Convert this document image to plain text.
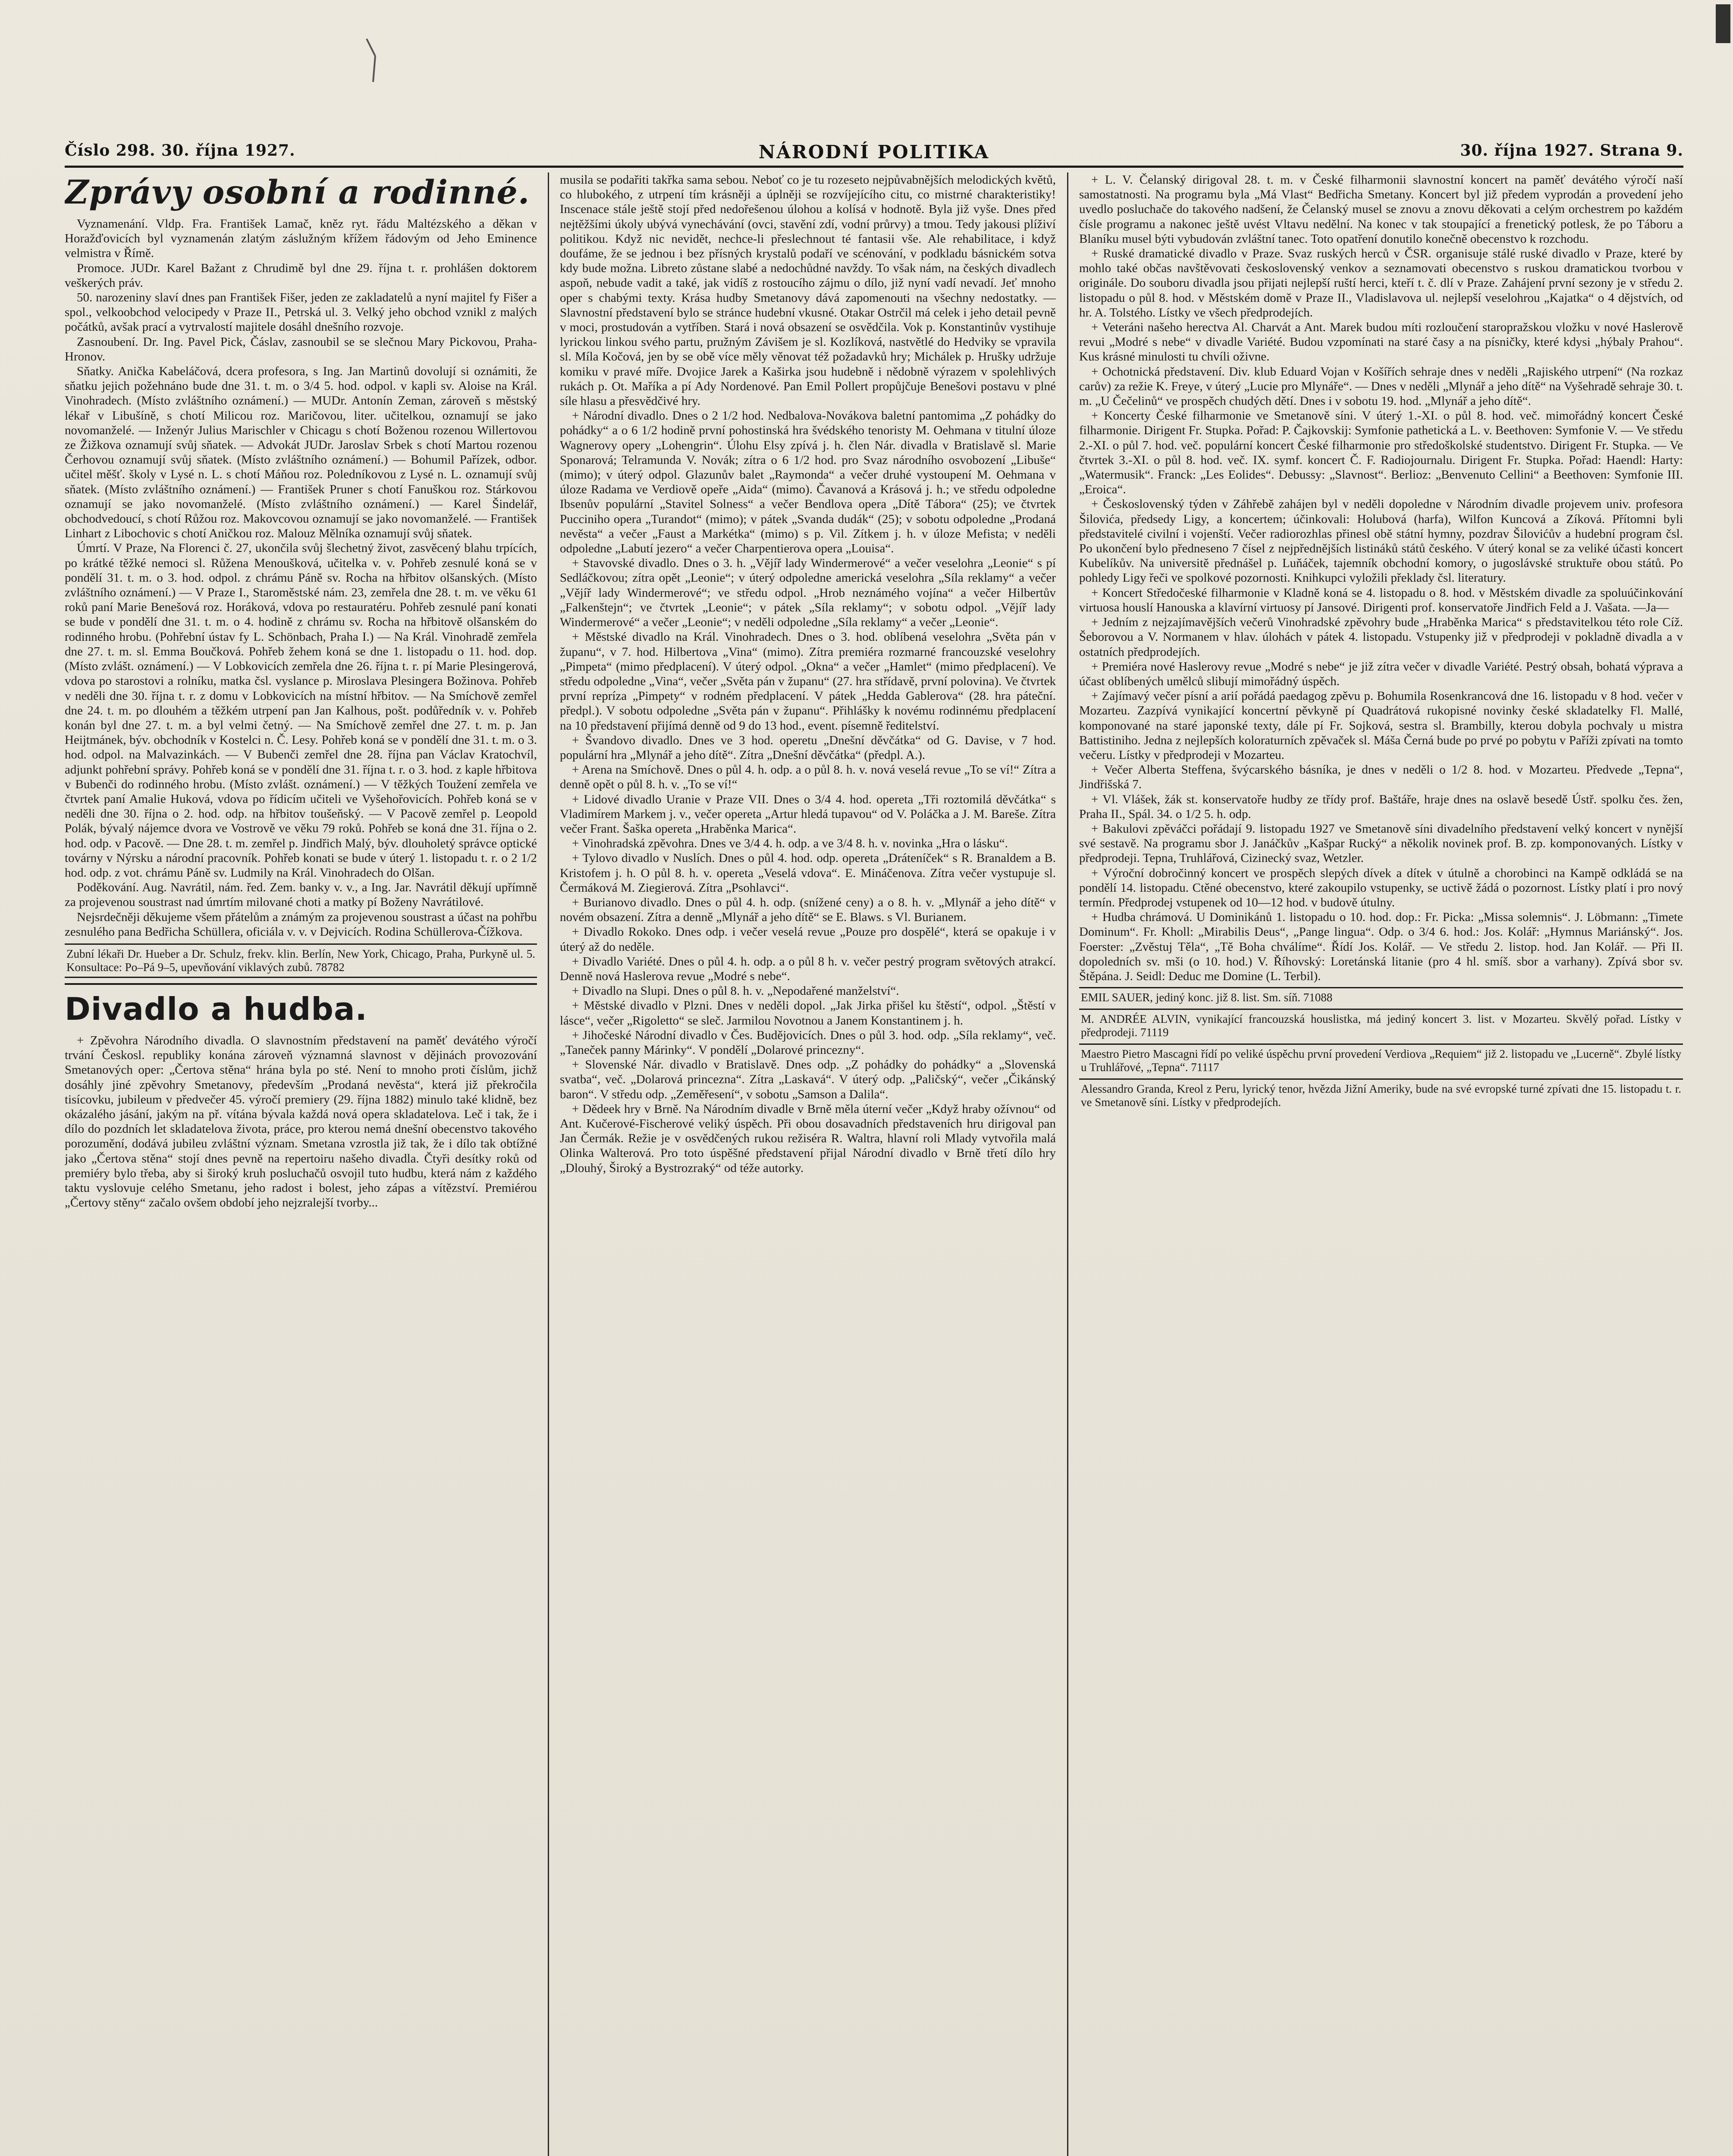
Číslo 298. 30. října 1927.	NÁRODNÍ POLITIKA	30. října 1927. Strana 9.
Zprávy osobní a rodinné.

Vyznamenání. Vldp. Fra. František Lamač, kněz ryt. řádu Maltézského a děkan v Horažďovicích byl vyznamenán zlatým záslužným křížem řádovým od Jeho Eminence velmistra v Římě.

Promoce. JUDr. Karel Bažant z Chrudimě byl dne 29. října t. r. prohlášen doktorem veškerých práv.

50. narozeniny slaví dnes pan František Fišer, jeden ze zakladatelů a nyní majitel fy Fišer a spol., velkoobchod velocipedy v Praze II., Petrská ul. 3. Velký jeho obchod vznikl z malých počátků, avšak prací a vytrvalostí majitele dosáhl dnešního rozvoje.

Zasnoubení. Dr. Ing. Pavel Pick, Čáslav, zasnoubil se se slečnou Mary Pickovou, Praha-Hronov.

Sňatky. Anička Kabeláčová, dcera profesora, s Ing. Jan Martinů dovolují si oznámiti, že sňatku jejich požehnáno bude dne 31. t. m. o 3/4 5. hod. odpol. v kapli sv. Aloise na Král. Vinohradech. (Místo zvláštního oznámení.) — MUDr. Antonín Zeman, zároveň s městský lékař v Libušíně, s chotí Milicou roz. Maričovou, liter. učitelkou, oznamují se jako novomanželé. — Inženýr Julius Marischler v Chicagu s chotí Boženou rozenou Willertovou ze Žižkova oznamují svůj sňatek. — Advokát JUDr. Jaroslav Srbek s chotí Martou rozenou Čerhovou oznamují svůj sňatek. (Místo zvláštního oznámení.) — Bohumil Pařízek, odbor. učitel měšť. školy v Lysé n. L. s chotí Máňou roz. Poledníkovou z Lysé n. L. oznamují svůj sňatek. (Místo zvláštního oznámení.) — František Pruner s chotí Fanuškou roz. Stárkovou oznamují se jako novomanželé. (Místo zvláštního oznámení.) — Karel Šindelář, obchodvedoucí, s chotí Růžou roz. Makovcovou oznamují se jako novomanželé. — František Linhart z Libochovic s chotí Aničkou roz. Malouz Mělníka oznamují svůj sňatek.

Úmrtí. V Praze, Na Florenci č. 27, ukončila svůj šlechetný život, zasvěcený blahu trpících, po krátké těžké nemoci sl. Růžena Menoušková, učitelka v. v. Pohřeb zesnulé koná se v pondělí 31. t. m. o 3. hod. odpol. z chrámu Páně sv. Rocha na hřbitov olšanských. (Místo zvláštního oznámení.) — V Praze I., Staroměstské nám. 23, zemřela dne 28. t. m. ve věku 61 roků paní Marie Benešová roz. Horáková, vdova po restauratéru. Pohřeb zesnulé paní konati se bude v pondělí dne 31. t. m. o 4. hodině z chrámu sv. Rocha na hřbitově olšanském do rodinného hrobu. (Pohřební ústav fy L. Schönbach, Praha I.) — Na Král. Vinohradě zemřela dne 27. t. m. sl. Emma Boučková. Pohřeb žehem koná se dne 1. listopadu o 11. hod. dop. (Místo zvlášt. oznámení.) — V Lobkovicích zemřela dne 26. října t. r. pí Marie Plesingerová, vdova po starostovi a rolníku, matka čsl. vyslance p. Miroslava Plesingera Božinova. Pohřeb v neděli dne 30. října t. r. z domu v Lobkovicích na místní hřbitov. — Na Smíchově zemřel dne 24. t. m. po dlouhém a těžkém utrpení pan Jan Kalhous, pošt. podůředník v. v. Pohřeb konán byl dne 27. t. m. a byl velmi četný. — Na Smíchově zemřel dne 27. t. m. p. Jan Heijtmánek, býv. obchodník v Kostelci n. Č. Lesy. Pohřeb koná se v pondělí dne 31. t. m. o 3. hod. odpol. na Malvazinkách. — V Bubenči zemřel dne 28. října pan Václav Kratochvíl, adjunkt pohřební správy. Pohřeb koná se v pondělí dne 31. října t. r. o 3. hod. z kaple hřbitova v Bubenči do rodinného hrobu. (Místo zvlášt. oznámení.) — V těžkých Toužení zemřela ve čtvrtek paní Amalie Huková, vdova po řídicím učiteli ve Vyšehořovicích. Pohřeb koná se v neděli dne 30. října o 2. hod. odp. na hřbitov toušeňský. — V Pacově zemřel p. Leopold Polák, bývalý nájemce dvora ve Vostrově ve věku 79 roků. Pohřeb se koná dne 31. října o 2. hod. odp. v Pacově. — Dne 28. t. m. zemřel p. Jindřich Malý, býv. dlouholetý správce optické továrny v Nýrsku a národní pracovník. Pohřeb konati se bude v úterý 1. listopadu t. r. o 2 1/2 hod. odp. z vot. chrámu Páně sv. Ludmily na Král. Vinohradech do Olšan.

Poděkování. Aug. Navrátil, nám. řed. Zem. banky v. v., a Ing. Jar. Navrátil děkují upřímně za projevenou soustrast nad úmrtím milované choti a matky pí Boženy Navrátilové.

Nejsrdečněji děkujeme všem přátelům a známým za projevenou soustrast a účast na pohřbu zesnulého pana Bedřicha Schüllera, oficiála v. v. v Dejvicích. Rodina Schüllerova-Čížkova.

Zubní lékaři Dr. Hueber a Dr. Schulz, frekv. klin. Berlín, New York, Chicago, Praha, Purkyně ul. 5. Konsultace: Po–Pá 9–5, upevňování viklavých zubů. 78782
Divadlo a hudba.

+ Zpěvohra Národního divadla. O slavnostním představení na paměť devátého výročí trvání Českosl. republiky konána zároveň významná slavnost v dějinách provozování Smetanových oper: „Čertova stěna“ hrána byla po sté. Není to mnoho proti číslům, jichž dosáhly jiné zpěvohry Smetanovy, především „Prodaná nevěsta“, která již překročila tisícovku, jubileum v předvečer 45. výročí premiery (29. října 1882) minulo také klidně, bez okázalého jásání, jakým na př. vítána bývala každá nová opera skladatelova. Leč i tak, že i dílo do pozdních let skladatelova života, práce, pro kterou nemá dnešní obecenstvo takového porozumění, dodává jubileu zvláštní význam. Smetana vzrostla již tak, že i dílo tak obtížné jako „Čertova stěna“ stojí dnes pevně na repertoiru našeho divadla. Čtyři desítky roků od premiéry bylo třeba, aby si široký kruh posluchačů osvojil tuto hudbu, která nám z každého taktu vyslovuje celého Smetanu, jeho radost i bolest, jeho zápas a vítězství. Premiérou „Čertovy stěny“ začalo ovšem období jeho nejzralejší tvorby...

musila se podařiti takřka sama sebou. Neboť co je tu rozeseto nejpůvabnějších melodických květů, co hlubokého, z utrpení tím krásněji a úplněji se rozvíjejícího citu, co mistrné charakteristiky! Inscenace stále ještě stojí před nedořešenou úlohou a kolísá v hodnotě. Byla již vyše. Dnes před nejtěžšími úkoly ubývá vynechávání (ovci, stavění zdí, vodní průrvy) a tmou. Tedy jakousi plíživí politikou. Když nic nevidět, nechce-li přeslechnout té fantasii vše. Ale rehabilitace, i když doufáme, že se jednou i bez přísných krystalů podaří ve scénování, v podkladu básnickém sotva kdy bude možna. Libreto zůstane slabé a nedochůdné navždy. To však nám, na českých divadlech aspoň, nebude vadit a také, jak vidíš z rostoucího zájmu o dílo, již nyní vadí nevadí. Jeť mnoho oper s chabými texty. Krása hudby Smetanovy dává zapomenouti na všechny nedostatky. — Slavnostní představení bylo se stránce hudební vkusné. Otakar Ostrčil má celek i jeho detail pevně v moci, prostudován a vytříben. Stará i nová obsazení se osvědčila. Vok p. Konstantinův vystihuje lyrickou linkou svého partu, pružným Závišem je sl. Kozlíková, nastvětlé do Hedviky se vpravila sl. Míla Kočová, jen by se obě více měly věnovat též požadavků hry; Michálek p. Hrušky udržuje komiku v pravé míře. Dvojice Jarek a Kaširka jsou hudebně i nědobně výrazem v spolehlivých rukách p. Ot. Maříka a pí Ady Nordenové. Pan Emil Pollert propůjčuje Benešovi postavu v plné síle hlasu a přesvědčivé hry.

+ Národní divadlo. Dnes o 2 1/2 hod. Nedbalova-Novákova baletní pantomima „Z pohádky do pohádky“ a o 6 1/2 hodině první pohostinská hra švédského tenoristy M. Oehmana v titulní úloze Wagnerovy opery „Lohengrin“. Úlohu Elsy zpívá j. h. člen Nár. divadla v Bratislavě sl. Marie Sponarová; Telramunda V. Novák; zítra o 6 1/2 hod. pro Svaz národního osvobození „Libuše“ (mimo); v úterý odpol. Glazunův balet „Raymonda“ a večer druhé vystoupení M. Oehmana v úloze Radama ve Verdiově opeře „Aida“ (mimo). Čavanová a Krásová j. h.; ve středu odpoledne Ibsenův populární „Stavitel Solness“ a večer Bendlova opera „Dítě Tábora“ (25); ve čtvrtek Pucciniho opera „Turandot“ (mimo); v pátek „Svanda dudák“ (25); v sobotu odpoledne „Prodaná nevěsta“ a večer „Faust a Markétka“ (mimo) s p. Vil. Zítkem j. h. v úloze Mefista; v neděli odpoledne „Labutí jezero“ a večer Charpentierova opera „Louisa“.

+ Stavovské divadlo. Dnes o 3. h. „Vějíř lady Windermerové“ a večer veselohra „Leonie“ s pí Sedláčkovou; zítra opět „Leonie“; v úterý odpoledne americká veselohra „Síla reklamy“ a večer „Vějíř lady Windermerové“; ve středu odpol. „Hrob neznámého vojína“ a večer Hilbertův „Falkenštejn“; ve čtvrtek „Leonie“; v pátek „Síla reklamy“; v sobotu odpol. „Vějíř lady Windermerové“ a večer „Leonie“; v neděli odpoledne „Síla reklamy“ a večer „Leonie“.

+ Městské divadlo na Král. Vinohradech. Dnes o 3. hod. oblíbená veselohra „Světa pán v županu“, v 7. hod. Hilbertova „Vina“ (mimo). Zítra premiéra rozmarné francouzské veselohry „Pimpeta“ (mimo předplacení). V úterý odpol. „Okna“ a večer „Hamlet“ (mimo předplacení). Ve středu odpoledne „Vina“, večer „Světa pán v županu“ (27. hra střídavě, první polovina). Ve čtvrtek první repríza „Pimpety“ v rodném předplacení. V pátek „Hedda Gablerova“ (28. hra páteční. předpl.). V sobotu odpoledne „Světa pán v županu“. Přihlášky k novému rodinnému předplacení na 10 představení přijímá denně od 9 do 13 hod., event. písemně ředitelství.

+ Švandovo divadlo. Dnes ve 3 hod. operetu „Dnešní děvčátka“ od G. Davise, v 7 hod. populární hra „Mlynář a jeho dítě“. Zítra „Dnešní děvčátka“ (předpl. A.).

+ Arena na Smíchově. Dnes o půl 4. h. odp. a o půl 8. h. v. nová veselá revue „To se ví!“ Zítra a denně opět o půl 8. h. v. „To se ví!“

+ Lidové divadlo Uranie v Praze VII. Dnes o 3/4 4. hod. opereta „Tři roztomilá děvčátka“ s Vladimírem Markem j. v., večer opereta „Artur hledá tupavou“ od V. Poláčka a J. M. Bareše. Zítra večer Frant. Šaška opereta „Hraběnka Marica“.

+ Vinohradská zpěvohra. Dnes ve 3/4 4. h. odp. a ve 3/4 8. h. v. novinka „Hra o lásku“.

+ Tylovo divadlo v Nuslích. Dnes o půl 4. hod. odp. opereta „Dráteníček“ s R. Branaldem a B. Kristofem j. h. O půl 8. h. v. opereta „Veselá vdova“. E. Mináčenova. Zítra večer vystupuje sl. Čermáková M. Ziegierová. Zítra „Psohlavci“.

+ Burianovo divadlo. Dnes o půl 4. h. odp. (snížené ceny) a o 8. h. v. „Mlynář a jeho dítě“ v novém obsazení. Zítra a denně „Mlynář a jeho dítě“ se E. Blaws. s Vl. Burianem.

+ Divadlo Rokoko. Dnes odp. i večer veselá revue „Pouze pro dospělé“, která se opakuje i v úterý až do neděle.

+ Divadlo Variété. Dnes o půl 4. h. odp. a o půl 8 h. v. večer pestrý program světových atrakcí. Denně nová Haslerova revue „Modré s nebe“.

+ Divadlo na Slupi. Dnes o půl 8. h. v. „Nepodařené manželství“.

+ Městské divadlo v Plzni. Dnes v neděli dopol. „Jak Jirka přišel ku štěstí“, odpol. „Štěstí v lásce“, večer „Rigoletto“ se sleč. Jarmilou Novotnou a Janem Konstantinem j. h.

+ Jihočeské Národní divadlo v Čes. Budějovicích. Dnes o půl 3. hod. odp. „Síla reklamy“, več. „Taneček panny Márinky“. V pondělí „Dolarové princezny“.

+ Slovenské Nár. divadlo v Bratislavě. Dnes odp. „Z pohádky do pohádky“ a „Slovenská svatba“, več. „Dolarová princezna“. Zítra „Laskavá“. V úterý odp. „Paličský“, večer „Čikánský baron“. V středu odp. „Zeměřesení“, v sobotu „Samson a Dalila“.

+ Dědeek hry v Brně. Na Národním divadle v Brně měla úterní večer „Když hraby ožívnou“ od Ant. Kučerové-Fischerové veliký úspěch. Při obou dosavadních představeních hru dirigoval pan Jan Čermák. Režie je v osvědčených rukou režiséra R. Waltra, hlavní roli Mlady vytvořila malá Olinka Walterová. Pro toto úspěšné představení přijal Národní divadlo v Brně třetí dílo hry „Dlouhý, Široký a Bystrozraký“ od téže autorky.

+ L. V. Čelanský dirigoval 28. t. m. v České filharmonii slavnostní koncert na paměť devátého výročí naší samostatnosti. Na programu byla „Má Vlast“ Bedřicha Smetany. Koncert byl již předem vyprodán a provedení jeho uvedlo posluchače do takového nadšení, že Čelanský musel se znovu a znovu děkovati a celým orchestrem po každém čísle programu a nakonec ještě uvést Vltavu nedělní. Na konec v tak stoupající a frenetický potlesk, že po Táboru a Blaníku musel býti vybudován zvláštní tanec. Toto opatření donutilo konečně obecenstvo k rozchodu.

+ Ruské dramatické divadlo v Praze. Svaz ruských herců v ČSR. organisuje stálé ruské divadlo v Praze, které by mohlo také občas navštěvovati československý venkov a seznamovati obecenstvo s ruskou dramatickou tvorbou v originále. Do souboru divadla jsou přijati nejlepší ruští herci, kteří t. č. dlí v Praze. Zahájení první sezony je v středu 2. listopadu o půl 8. hod. v Městském domě v Praze II., Vladislavova ul. nejlepší veselohrou „Kajatka“ o 4 dějstvích, od hr. A. Tolstého. Lístky ve všech předprodejích.

+ Veteráni našeho herectva Al. Charvát a Ant. Marek budou míti rozloučení staropražskou vložku v nové Haslerově revui „Modré s nebe“ v divadle Variété. Budou vzpomínati na staré časy a na písničky, které kdysi „hýbaly Prahou“. Kus krásné minulosti tu chvíli oživne.

+ Ochotnická představení. Div. klub Eduard Vojan v Košířích sehraje dnes v neděli „Rajiského utrpení“ (Na rozkaz carův) za režie K. Freye, v úterý „Lucie pro Mlynáře“. — Dnes v neděli „Mlynář a jeho dítě“ na Vyšehradě sehraje 30. t. m. „U Čečelinů“ ve prospěch chudých dětí. Dnes i v sobotu 19. hod. „Mlynář a jeho dítě“.

+ Koncerty České filharmonie ve Smetanově síni. V úterý 1.-XI. o půl 8. hod. več. mimořádný koncert České filharmonie. Dirigent Fr. Stupka. Pořad: P. Čajkovskij: Symfonie pathetická a L. v. Beethoven: Symfonie V. — Ve středu 2.-XI. o půl 7. hod. več. populární koncert České filharmonie pro středoškolské studentstvo. Dirigent Fr. Stupka. — Ve čtvrtek 3.-XI. o půl 8. hod. več. IX. symf. koncert Č. F. Radiojournalu. Dirigent Fr. Stupka. Pořad: Haendl: Harty: „Watermusik“. Franck: „Les Eolides“. Debussy: „Slavnost“. Berlioz: „Benvenuto Cellini“ a Beethoven: Symfonie III. „Eroica“.

+ Československý týden v Záhřebě zahájen byl v neděli dopoledne v Národním divadle projevem univ. profesora Šilovića, předsedy Ligy, a koncertem; účinkovali: Holubová (harfa), Wilfon Kuncová a Zíková. Přítomni byli představitelé civilní i vojenští. Večer radiorozhlas přinesl obě státní hymny, pozdrav Šilovićův a hudební program čsl. Po ukončení bylo předneseno 7 čísel z nejpřednějších listináků států českého. V úterý konal se za veliké účasti koncert Kubelíkův. Na universitě přednášel p. Luňáček, tajemník obchodní komory, o jugoslávské struktuře obou států. Po pohledy Ligy řeči ve spolkové pozornosti. Knihkupci vyložili překlady čsl. literatury.

+ Koncert Středočeské filharmonie v Kladně koná se 4. listopadu o 8. hod. v Městském divadle za spoluúčinkování virtuosa houslí Hanouska a klavírní virtuosy pí Jansové. Dirigenti prof. konservatoře Jindřich Feld a J. Vašata. —Ja—

+ Jedním z nejzajímavějších večerů Vinohradské zpěvohry bude „Hraběnka Marica“ s představitelkou této role Cíž. Šeborovou a V. Normanem v hlav. úlohách v pátek 4. listopadu. Vstupenky již v předprodeji v pokladně divadla a v ostatních předprodejích.

+ Premiéra nové Haslerovy revue „Modré s nebe“ je již zítra večer v divadle Variété. Pestrý obsah, bohatá výprava a účast oblíbených umělců slibují mimořádný úspěch.

+ Zajímavý večer písní a arií pořádá paedagog zpěvu p. Bohumila Rosenkrancová dne 16. listopadu v 8 hod. večer v Mozarteu. Zazpívá vynikající koncertní pěvkyně pí Quadrátová rukopisné novinky české skladatelky Fl. Mallé, komponované na staré japonské texty, dále pí Fr. Sojková, sestra sl. Brambilly, kterou dobyla pochvaly u mistra Battistiniho. Jedna z nejlepších koloraturních zpěvaček sl. Máša Černá bude po prvé po pobytu v Paříži zpívati na tomto večeru. Lístky v předprodeji v Mozarteu.

+ Večer Alberta Steffena, švýcarského básníka, je dnes v neděli o 1/2 8. hod. v Mozarteu. Předvede „Tepna“, Jindřišská 7.

+ Vl. Vlášek, žák st. konservatoře hudby ze třídy prof. Baštáře, hraje dnes na oslavě besedě Ústř. spolku čes. žen, Praha II., Spál. 34. o 1/2 5. h. odp.

+ Bakulovi zpěváčci pořádají 9. listopadu 1927 ve Smetanově síni divadelního představení velký koncert v nynější své sestavě. Na programu sbor J. Janáčkův „Kašpar Rucký“ a několik novinek prof. B. zp. komponovaných. Lístky v předprodeji. Tepna, Truhlářová, Cizinecký svaz, Wetzler.

+ Výroční dobročinný koncert ve prospěch slepých dívek a dítek v útulně a chorobinci na Kampě odkládá se na pondělí 14. listopadu. Ctěné obecenstvo, které zakoupilo vstupenky, se uctivě žádá o pozornost. Lístky platí i pro nový termín. Předprodej vstupenek od 10—12 hod. v budově útulny.

+ Hudba chrámová. U Dominikánů 1. listopadu o 10. hod. dop.: Fr. Picka: „Missa solemnis“. J. Löbmann: „Timete Dominum“. Fr. Kholl: „Mirabilis Deus“, „Pange lingua“. Odp. o 3/4 6. hod.: Jos. Kolář: „Hymnus Mariánský“. Jos. Foerster: „Zvěstuj Těla“, „Tě Boha chválíme“. Řídí Jos. Kolář. — Ve středu 2. listop. hod. Jan Kolář. — Při II. dopoledních sv. mši (o 10. hod.) V. Říhovský: Loretánská litanie (pro 4 hl. smíš. sbor a varhany). Zpívá sbor sv. Štěpána. J. Seidl: Deduc me Domine (L. Terbil).

EMIL SAUER, jediný konc. již 8. list. Sm. síň. 71088
M. ANDRÉE ALVIN, vynikající francouzská houslistka, má jediný koncert 3. list. v Mozarteu. Skvělý pořad. Lístky v předprodeji. 71119
Maestro Pietro Mascagni řídí po veliké úspěchu první provedení Verdiova „Requiem“ již 2. listopadu ve „Lucerně“. Zbylé lístky u Truhlářové, „Tepna“. 71117
Alessandro Granda, Kreol z Peru, lyrický tenor, hvězda Jižní Ameriky, bude na své evropské turné zpívati dne 15. listopadu t. r. ve Smetanově síni. Lístky v předprodejích.
